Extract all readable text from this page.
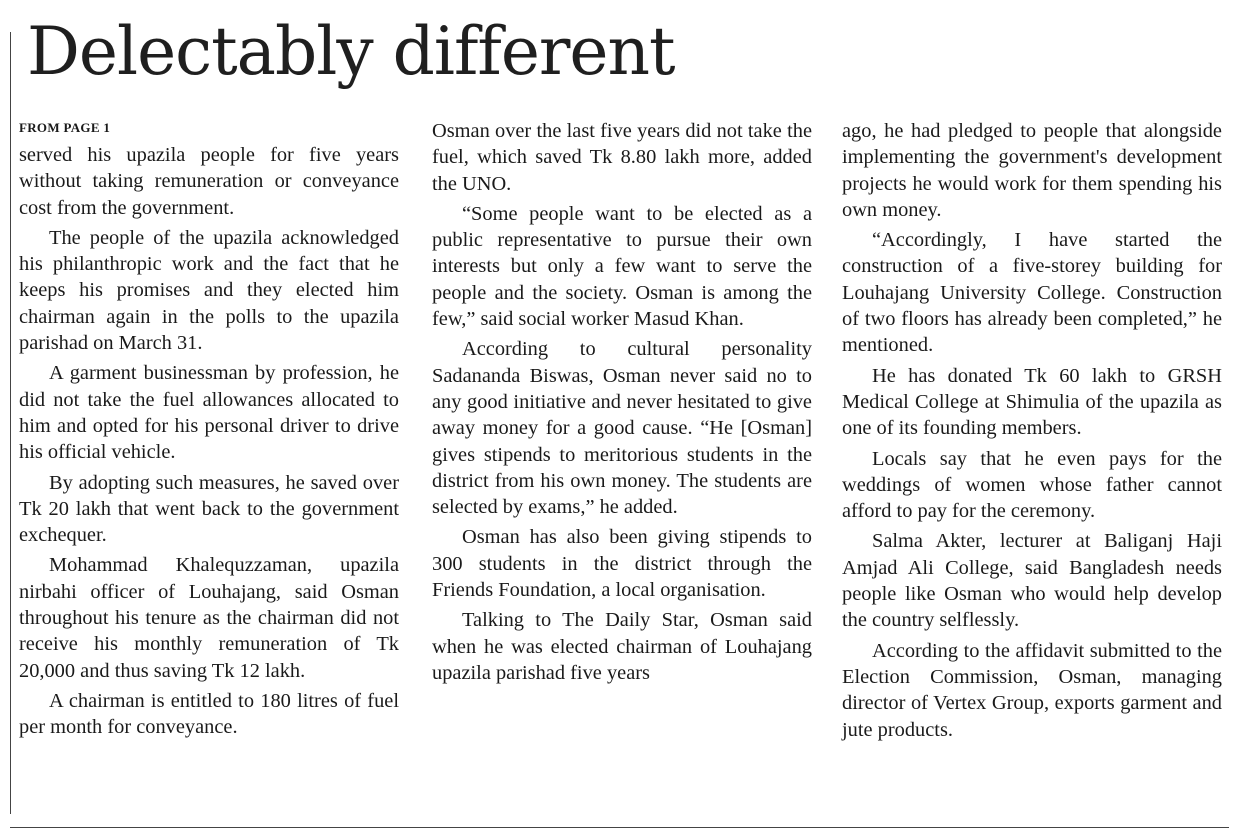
Delectably different

FROM PAGE 1

served his upazila people for five years without taking remuneration or conveyance cost from the government.

The people of the upazila acknowledged his philanthropic work and the fact that he keeps his promises and they elected him chairman again in the polls to the upazila parishad on March 31.

A garment businessman by profession, he did not take the fuel allowances allocated to him and opted for his personal driver to drive his official vehicle.

By adopting such measures, he saved over Tk 20 lakh that went back to the government exchequer.

Mohammad Khalequzzaman, upazila nirbahi officer of Louhajang, said Osman throughout his tenure as the chairman did not receive his monthly remuneration of Tk 20,000 and thus saving Tk 12 lakh.

A chairman is entitled to 180 litres of fuel per month for conveyance.

Osman over the last five years did not take the fuel, which saved Tk 8.80 lakh more, added the UNO.

“Some people want to be elected as a public representative to pursue their own interests but only a few want to serve the people and the society. Osman is among the few,” said social worker Masud Khan.

According to cultural personality Sadananda Biswas, Osman never said no to any good initiative and never hesitated to give away money for a good cause. “He [Osman] gives stipends to meritorious students in the district from his own money. The students are selected by exams,” he added.

Osman has also been giving stipends to 300 students in the district through the Friends Foundation, a local organisation.

Talking to The Daily Star, Osman said when he was elected chairman of Louhajang upazila parishad five years

ago, he had pledged to people that alongside implementing the government's development projects he would work for them spending his own money.

“Accordingly, I have started the construction of a five-storey building for Louhajang University College. Construction of two floors has already been completed,” he mentioned.

He has donated Tk 60 lakh to GRSH Medical College at Shimulia of the upazila as one of its founding members.

Locals say that he even pays for the weddings of women whose father cannot afford to pay for the ceremony.

Salma Akter, lecturer at Baliganj Haji Amjad Ali College, said Bangladesh needs people like Osman who would help develop the country selflessly.

According to the affidavit submitted to the Election Commission, Osman, managing director of Vertex Group, exports garment and jute products.
